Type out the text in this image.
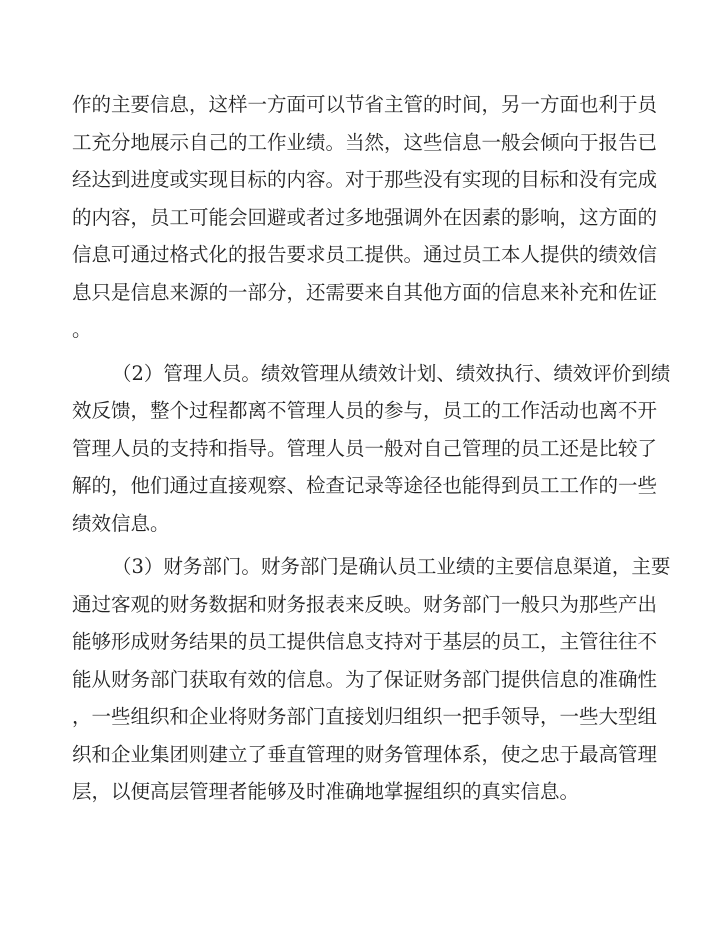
作的主要信息，这样一方面可以节省主管的时间，另一方面也利于员
工充分地展示自己的工作业绩。当然，这些信息一般会倾向于报告已
经达到进度或实现目标的内容。对于那些没有实现的目标和没有完成
的内容，员工可能会回避或者过多地强调外在因素的影响，这方面的
信息可通过格式化的报告要求员工提供。通过员工本人提供的绩效信
息只是信息来源的一部分，还需要来自其他方面的信息来补充和佐证
。
（2）管理人员。绩效管理从绩效计划、绩效执行、绩效评价到绩
效反馈，整个过程都离不管理人员的参与，员工的工作活动也离不开
管理人员的支持和指导。管理人员一般对自己管理的员工还是比较了
解的，他们通过直接观察、检查记录等途径也能得到员工工作的一些
绩效信息。
（3）财务部门。财务部门是确认员工业绩的主要信息渠道，主要
通过客观的财务数据和财务报表来反映。财务部门一般只为那些产出
能够形成财务结果的员工提供信息支持对于基层的员工，主管往往不
能从财务部门获取有效的信息。为了保证财务部门提供信息的准确性
，一些组织和企业将财务部门直接划归组织一把手领导，一些大型组
织和企业集团则建立了垂直管理的财务管理体系，使之忠于最高管理
层，以便高层管理者能够及时准确地掌握组织的真实信息。
